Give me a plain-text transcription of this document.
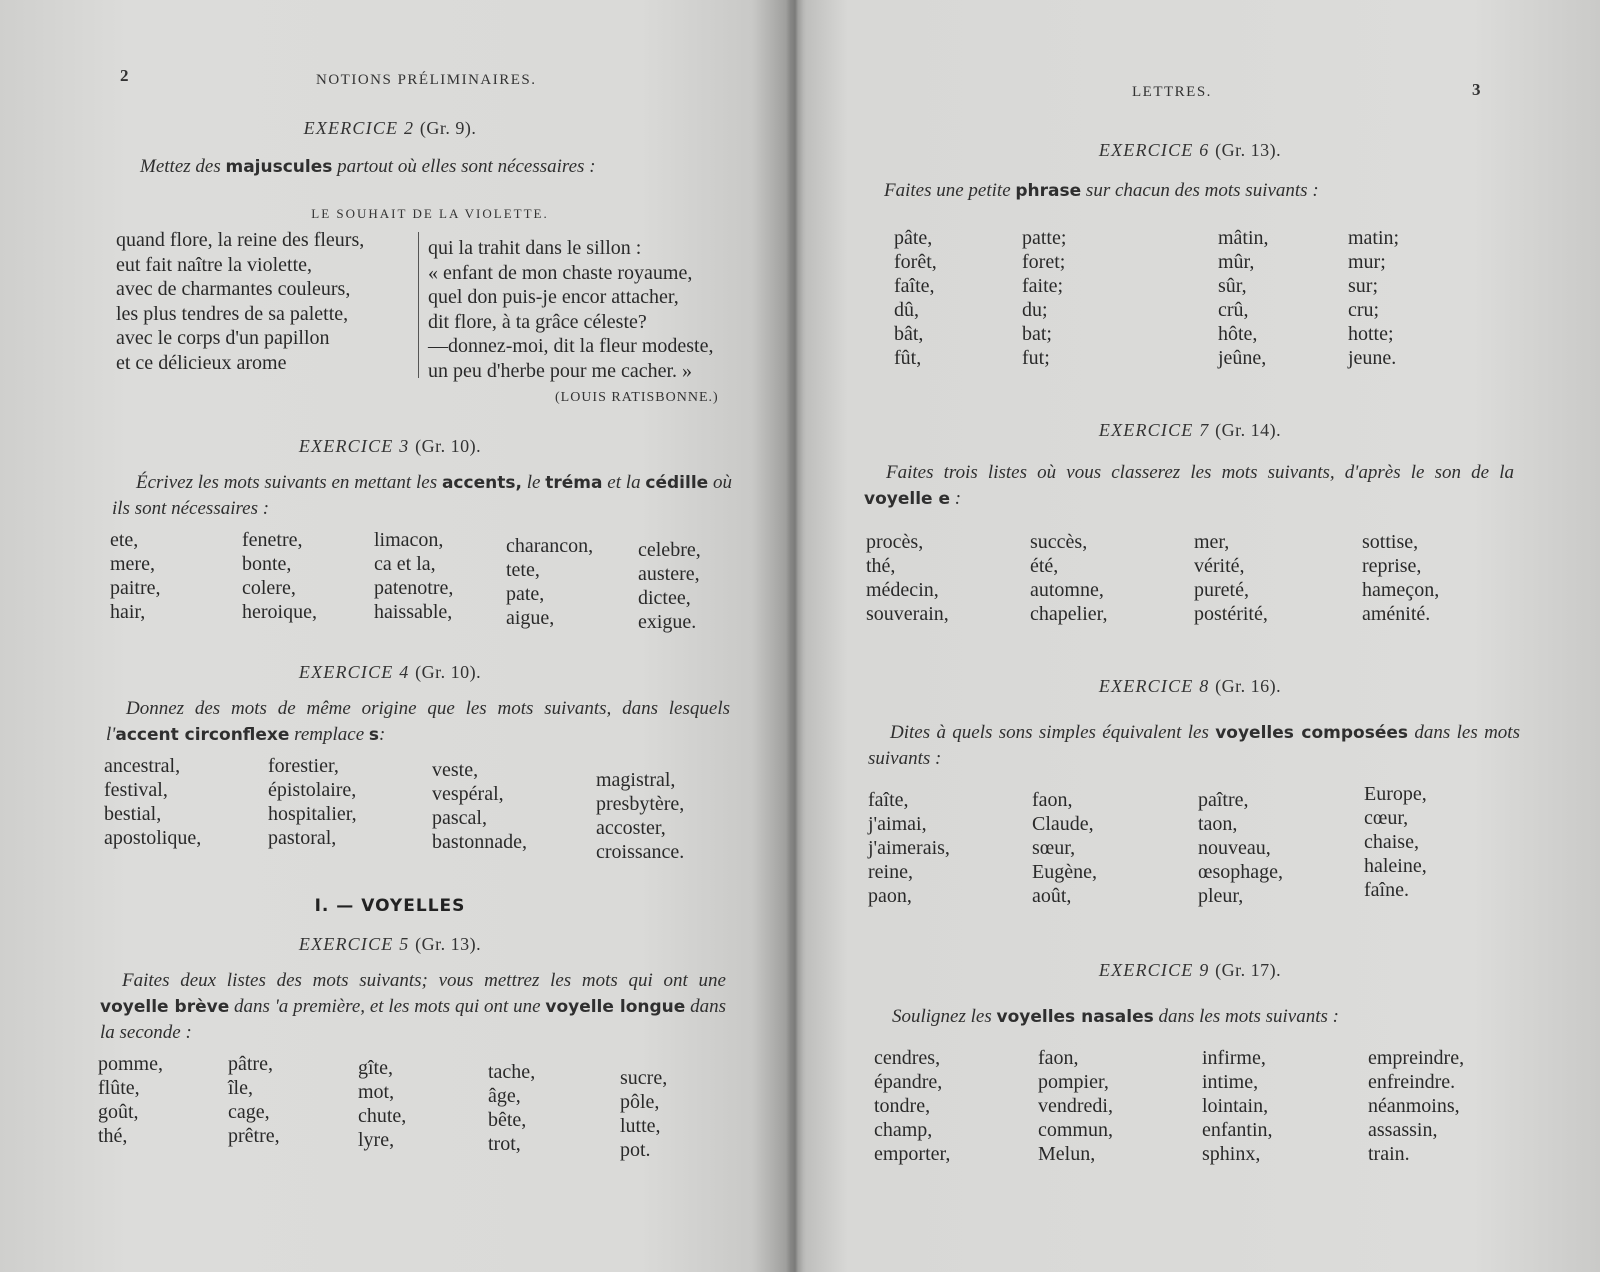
2	NOTIONS PRÉLIMINAIRES.
EXERCICE 2 (Gr. 9).
Mettez des majuscules partout où elles sont nécessaires :
LE SOUHAIT DE LA VIOLETTE.
quand flore, la reine des fleurs,
eut fait naître la violette,
avec de charmantes couleurs,
les plus tendres de sa palette,
avec le corps d'un papillon
et ce délicieux arome
qui la trahit dans le sillon :
« enfant de mon chaste royaume,
quel don puis-je encor attacher,
dit flore, à ta grâce céleste?
—donnez-moi, dit la fleur modeste,
un peu d'herbe pour me cacher. »
(LOUIS RATISBONNE.)
EXERCICE 3 (Gr. 10).
Écrivez les mots suivants en mettant les accents, le tréma et la cédille où ils sont nécessaires :
ete,
mere,
paitre,
hair,
fenetre,
bonte,
colere,
heroique,
limacon,
ca et la,
patenotre,
haissable,
charancon,
tete,
pate,
aigue,
celebre,
austere,
dictee,
exigue.
EXERCICE 4 (Gr. 10).
Donnez des mots de même origine que les mots suivants, dans lesquels l'accent circonflexe remplace s:
ancestral,
festival,
bestial,
apostolique,
forestier,
épistolaire,
hospitalier,
pastoral,
veste,
vespéral,
pascal,
bastonnade,
magistral,
presbytère,
accoster,
croissance.
I. — VOYELLES
EXERCICE 5 (Gr. 13).
Faites deux listes des mots suivants; vous mettrez les mots qui ont une voyelle brève dans 'a première, et les mots qui ont une voyelle longue dans la seconde :
pomme,
flûte,
goût,
thé,
pâtre,
île,
cage,
prêtre,
gîte,
mot,
chute,
lyre,
tache,
âge,
bête,
trot,
sucre,
pôle,
lutte,
pot.
LETTRES.	3
EXERCICE 6 (Gr. 13).
Faites une petite phrase sur chacun des mots suivants :
pâte,
forêt,
faîte,
dû,
bât,
fût,
patte;
foret;
faite;
du;
bat;
fut;
mâtin,
mûr,
sûr,
crû,
hôte,
jeûne,
matin;
mur;
sur;
cru;
hotte;
jeune.
EXERCICE 7 (Gr. 14).
Faites trois listes où vous classerez les mots suivants, d'après le son de la voyelle e :
procès,
thé,
médecin,
souverain,
succès,
été,
automne,
chapelier,
mer,
vérité,
pureté,
postérité,
sottise,
reprise,
hameçon,
aménité.
EXERCICE 8 (Gr. 16).
Dites à quels sons simples équivalent les voyelles composées dans les mots suivants :
faîte,
j'aimai,
j'aimerais,
reine,
paon,
faon,
Claude,
sœur,
Eugène,
août,
paître,
taon,
nouveau,
œsophage,
pleur,
Europe,
cœur,
chaise,
haleine,
faîne.
EXERCICE 9 (Gr. 17).
Soulignez les voyelles nasales dans les mots suivants :
cendres,
épandre,
tondre,
champ,
emporter,
faon,
pompier,
vendredi,
commun,
Melun,
infirme,
intime,
lointain,
enfantin,
sphinx,
empreindre,
enfreindre.
néanmoins,
assassin,
train.
